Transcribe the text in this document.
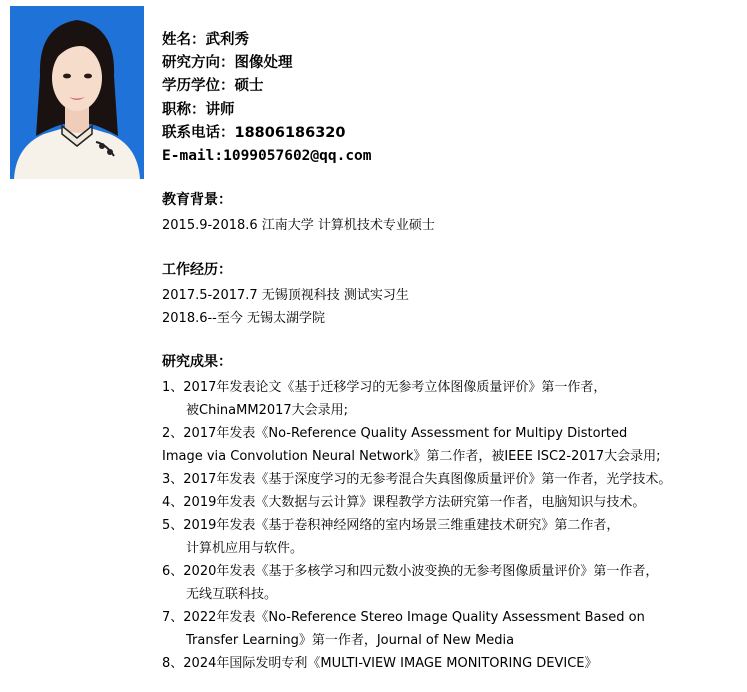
姓名：武利秀
研究方向：图像处理
学历学位：硕士
职称：讲师
联系电话：18806186320
E-mail:1099057602@qq.com
教育背景：
2015.9-2018.6 江南大学 计算机技术专业硕士
工作经历：
2017.5-2017.7 无锡顶视科技 测试实习生
2018.6--至今 无锡太湖学院
研究成果：
1、2017年发表论文《基于迁移学习的无参考立体图像质量评价》第一作者，
被ChinaMM2017大会录用;
2、2017年发表《No-Reference Quality Assessment for Multipy Distorted
Image via Convolution Neural Network》第二作者，被IEEE ISC2-2017大会录用;
3、2017年发表《基于深度学习的无参考混合失真图像质量评价》第一作者，光学技术。
4、2019年发表《大数据与云计算》课程教学方法研究第一作者，电脑知识与技术。
5、2019年发表《基于卷积神经网络的室内场景三维重建技术研究》第二作者，
计算机应用与软件。
6、2020年发表《基于多核学习和四元数小波变换的无参考图像质量评价》第一作者，
无线互联科技。
7、2022年发表《No-Reference Stereo Image Quality Assessment Based on
Transfer Learning》第一作者，Journal of New Media
8、2024年国际发明专利《MULTI-VIEW IMAGE MONITORING DEVICE》
